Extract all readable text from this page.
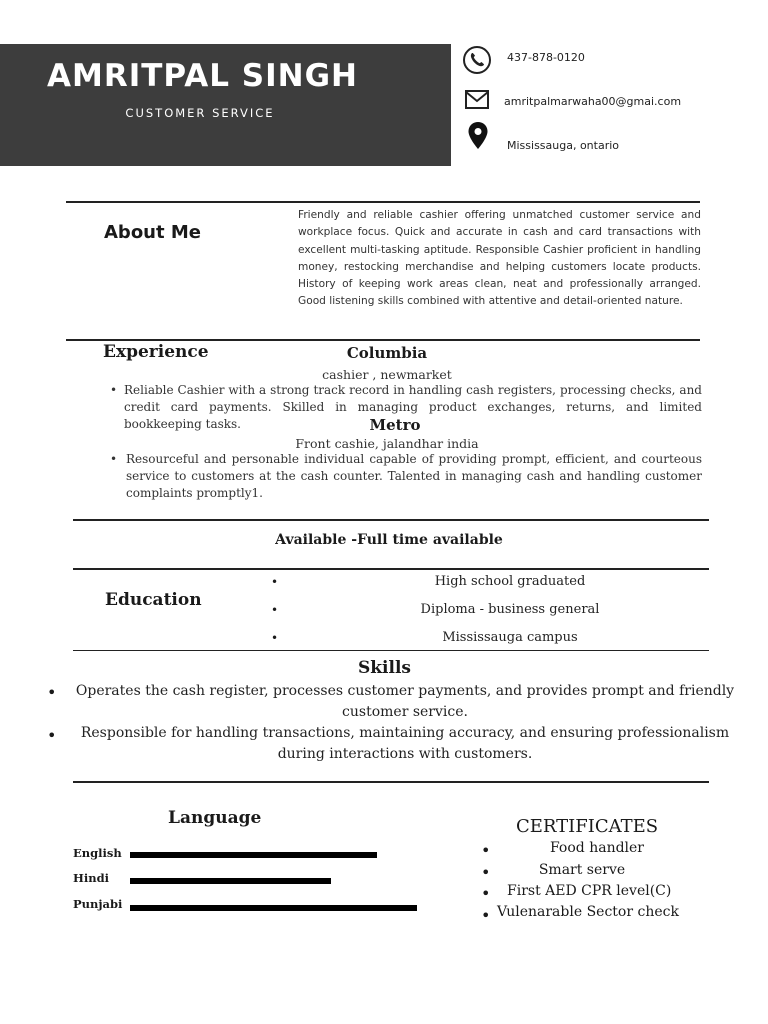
AMRITPAL SINGH
CUSTOMER SERVICE
437-878-0120
amritpalmarwaha00@gmai.com
Mississauga, ontario
About Me
Friendly and reliable cashier offering unmatched customer service and workplace focus. Quick and accurate in cash and card transactions with excellent multi-tasking aptitude. Responsible Cashier proficient in handling money, restocking merchandise and helping customers locate products. History of keeping work areas clean, neat and professionally arranged. Good listening skills combined with attentive and detail-oriented nature.
Experience	Columbia
cashier , newmarket
• Reliable Cashier with a strong track record in handling cash registers, processing checks, and credit card payments. Skilled in managing product exchanges, returns, and limited bookkeeping tasks.	Metro
Front cashie, jalandhar india
• Resourceful and personable individual capable of providing prompt, efficient, and courteous service to customers at the cash counter. Talented in managing cash and handling customer complaints promptly1.
Available -Full time available
Education
•	High school graduated
•	Diploma - business general
•	Mississauga campus
Skills
•	Operates the cash register, processes customer payments, and provides prompt and friendly
customer service.
•	Responsible for handling transactions, maintaining accuracy, and ensuring professionalism
during interactions with customers.
Language
English
Hindi
Punjabi
CERTIFICATES
•	Food handler
•	Smart serve
• First AED CPR level(C)
• Vulenarable Sector check
